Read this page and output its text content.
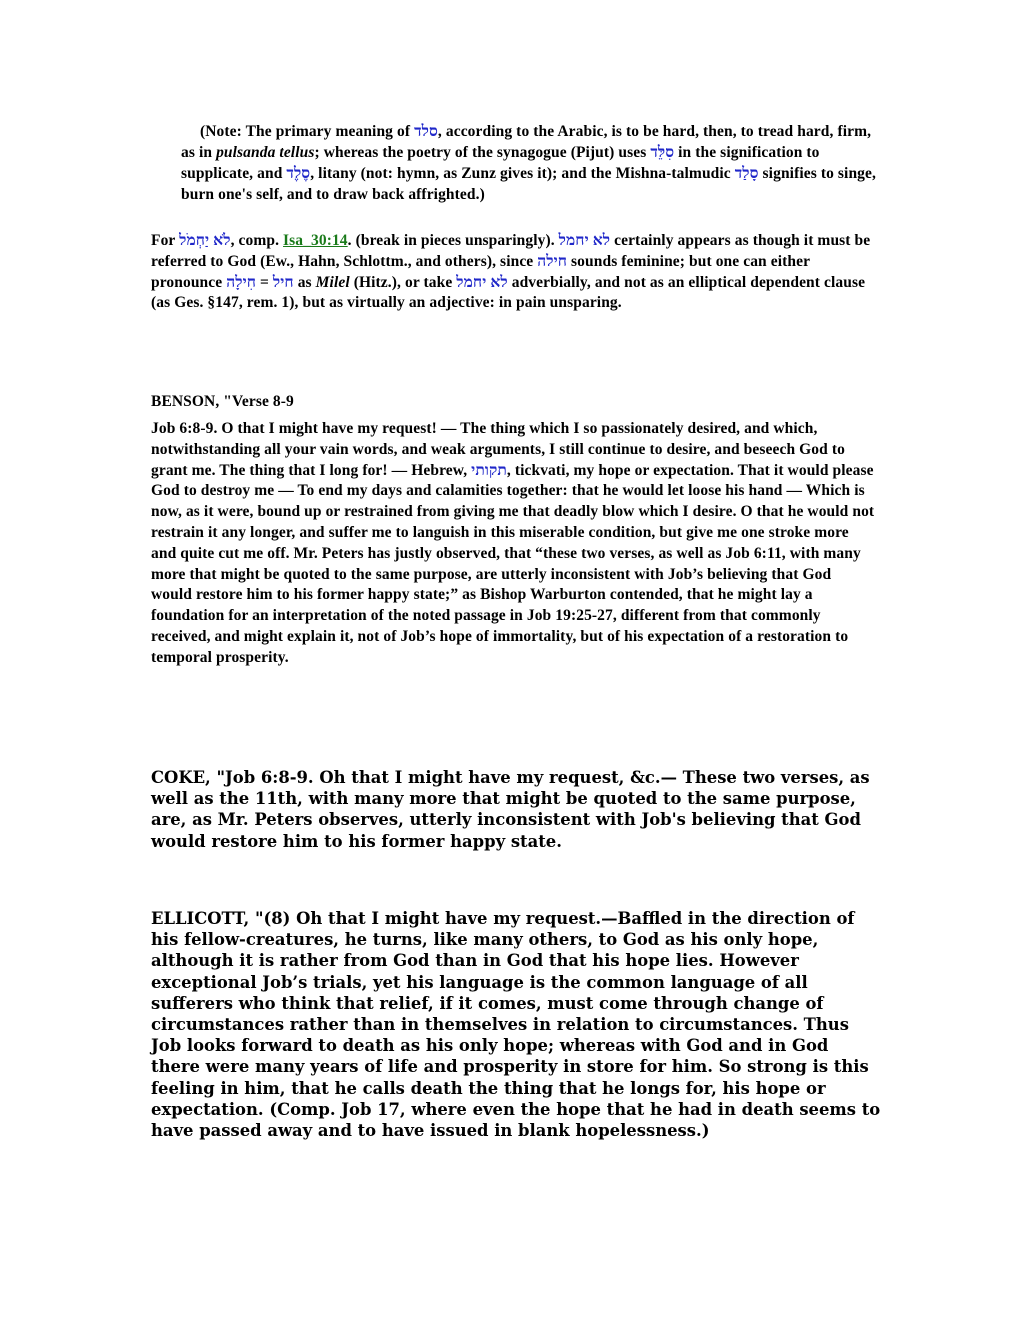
(Note: The primary meaning of סלד, according to the Arabic, is to be hard, then, to tread hard, firm, as in pulsanda tellus; whereas the poetry of the synagogue (Pijut) uses סִלֵּד in the signification to supplicate, and סֶלֶד, litany (not: hymn, as Zunz gives it); and the Mishna-talmudic סָלַד signifies to singe, burn one's self, and to draw back affrighted.)
For לֹא יַחְמֹל, comp. Isa_30:14. (break in pieces unsparingly). לא יחמל certainly appears as though it must be referred to God (Ew., Hahn, Schlottm., and others), since חילה sounds feminine; but one can either pronounce חִילָה = חיל as Milel (Hitz.), or take לא יחמל adverbially, and not as an elliptical dependent clause (as Ges. §147, rem. 1), but as virtually an adjective: in pain unsparing.
BENSON, "Verse 8-9
Job 6:8-9. O that I might have my request! — The thing which I so passionately desired, and which, notwithstanding all your vain words, and weak arguments, I still continue to desire, and beseech God to grant me. The thing that I long for! — Hebrew, תקותי, tickvati, my hope or expectation. That it would please God to destroy me — To end my days and calamities together: that he would let loose his hand — Which is now, as it were, bound up or restrained from giving me that deadly blow which I desire. O that he would not restrain it any longer, and suffer me to languish in this miserable condition, but give me one stroke more and quite cut me off. Mr. Peters has justly observed, that “these two verses, as well as Job 6:11, with many more that might be quoted to the same purpose, are utterly inconsistent with Job’s believing that God would restore him to his former happy state;” as Bishop Warburton contended, that he might lay a foundation for an interpretation of the noted passage in Job 19:25-27, different from that commonly received, and might explain it, not of Job’s hope of immortality, but of his expectation of a restoration to temporal prosperity.
COKE, "Job 6:8-9. Oh that I might have my request, &c.— These two verses, as well as the 11th, with many more that might be quoted to the same purpose, are, as Mr. Peters observes, utterly inconsistent with Job's believing that God would restore him to his former happy state.
ELLICOTT, "(8) Oh that I might have my request.—Baffled in the direction of his fellow-creatures, he turns, like many others, to God as his only hope, although it is rather from God than in God that his hope lies. However exceptional Job’s trials, yet his language is the common language of all sufferers who think that relief, if it comes, must come through change of circumstances rather than in themselves in relation to circumstances. Thus Job looks forward to death as his only hope; whereas with God and in God there were many years of life and prosperity in store for him. So strong is this feeling in him, that he calls death the thing that he longs for, his hope or expectation. (Comp. Job 17, where even the hope that he had in death seems to have passed away and to have issued in blank hopelessness.)
